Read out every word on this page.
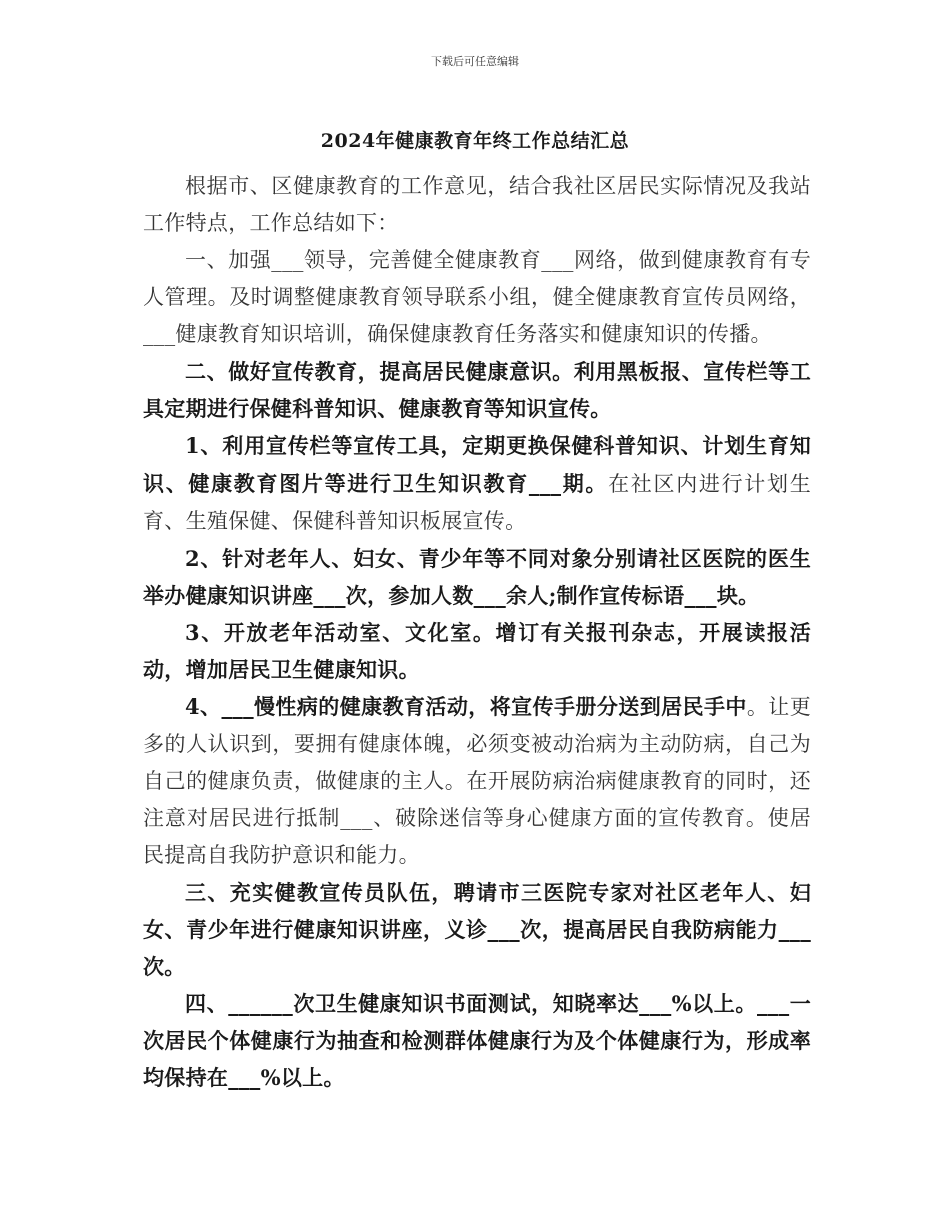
下载后可任意编辑
2024年健康教育年终工作总结汇总

根据市、区健康教育的工作意见，结合我社区居民实际情况及我站工作特点，工作总结如下：

一、加强___领导，完善健全健康教育___网络，做到健康教育有专人管理。及时调整健康教育领导联系小组，健全健康教育宣传员网络，___健康教育知识培训，确保健康教育任务落实和健康知识的传播。

二、做好宣传教育，提高居民健康意识。利用黑板报、宣传栏等工具定期进行保健科普知识、健康教育等知识宣传。

1、利用宣传栏等宣传工具，定期更换保健科普知识、计划生育知识、健康教育图片等进行卫生知识教育___期。在社区内进行计划生育、生殖保健、保健科普知识板展宣传。

2、针对老年人、妇女、青少年等不同对象分别请社区医院的医生举办健康知识讲座___次，参加人数___余人;制作宣传标语___块。

3、开放老年活动室、文化室。增订有关报刊杂志，开展读报活动，增加居民卫生健康知识。

4、___慢性病的健康教育活动，将宣传手册分送到居民手中。让更多的人认识到，要拥有健康体魄，必须变被动治病为主动防病，自己为自己的健康负责，做健康的主人。在开展防病治病健康教育的同时，还注意对居民进行抵制___、破除迷信等身心健康方面的宣传教育。使居民提高自我防护意识和能力。

三、充实健教宣传员队伍，聘请市三医院专家对社区老年人、妇女、青少年进行健康知识讲座，义诊___次，提高居民自我防病能力___次。

四、______次卫生健康知识书面测试，知晓率达___%以上。___一次居民个体健康行为抽查和检测群体健康行为及个体健康行为，形成率均保持在___%以上。
